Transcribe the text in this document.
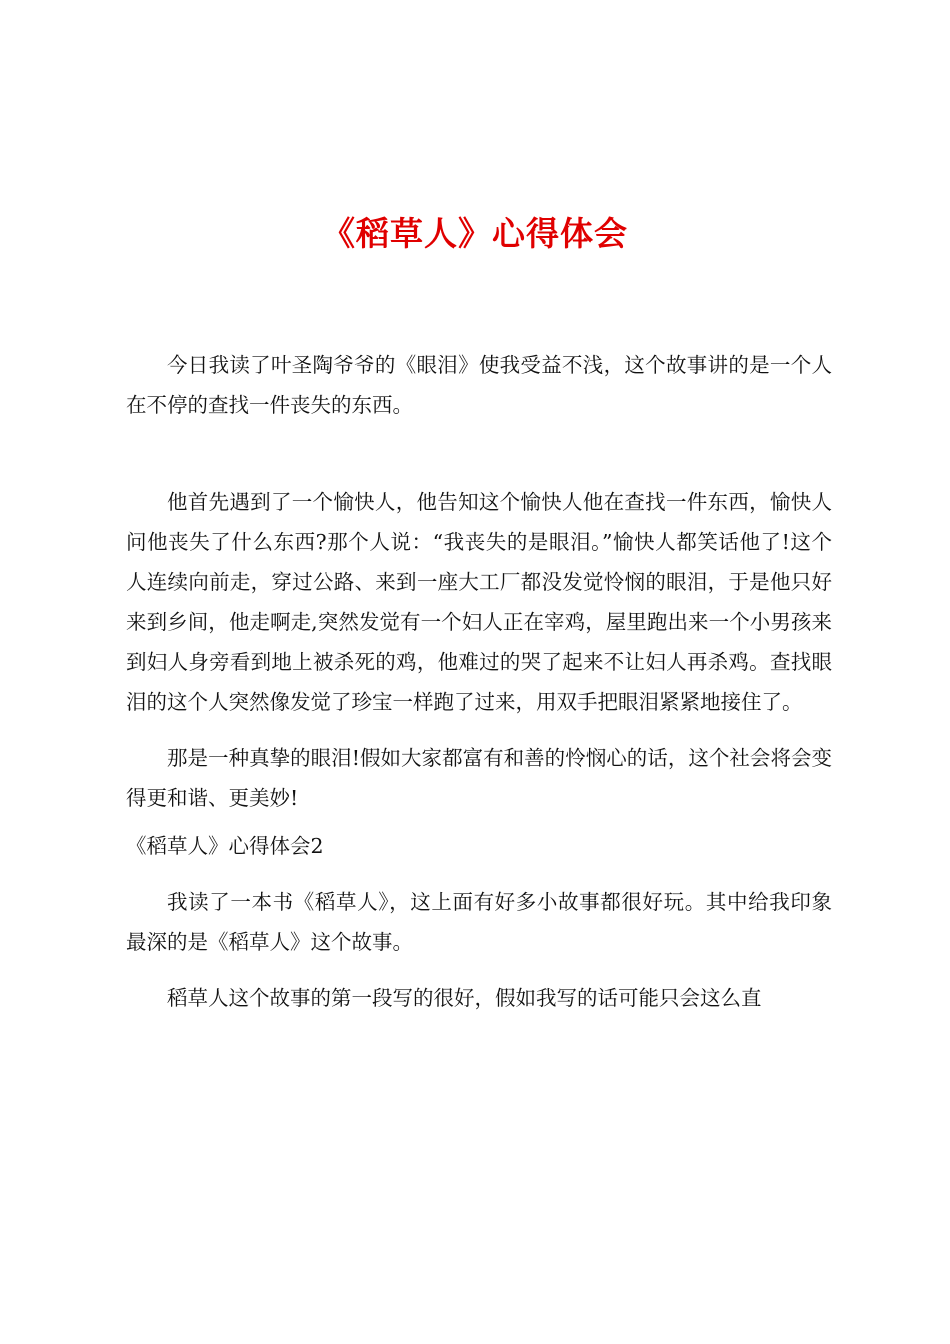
《稻草人》心得体会

今日我读了叶圣陶爷爷的《眼泪》使我受益不浅，这个故事讲的是一个人在不停的查找一件丧失的东西。

他首先遇到了一个愉快人，他告知这个愉快人他在查找一件东西，愉快人问他丧失了什么东西?那个人说：“我丧失的是眼泪。”愉快人都笑话他了!这个人连续向前走，穿过公路、来到一座大工厂都没发觉怜悯的眼泪，于是他只好来到乡间，他走啊走,突然发觉有一个妇人正在宰鸡，屋里跑出来一个小男孩来到妇人身旁看到地上被杀死的鸡，他难过的哭了起来不让妇人再杀鸡。查找眼泪的这个人突然像发觉了珍宝一样跑了过来，用双手把眼泪紧紧地接住了。

那是一种真挚的眼泪!假如大家都富有和善的怜悯心的话，这个社会将会变得更和谐、更美妙!

《稻草人》心得体会2

我读了一本书《稻草人》，这上面有好多小故事都很好玩。其中给我印象最深的是《稻草人》这个故事。

稻草人这个故事的第一段写的很好，假如我写的话可能只会这么直
